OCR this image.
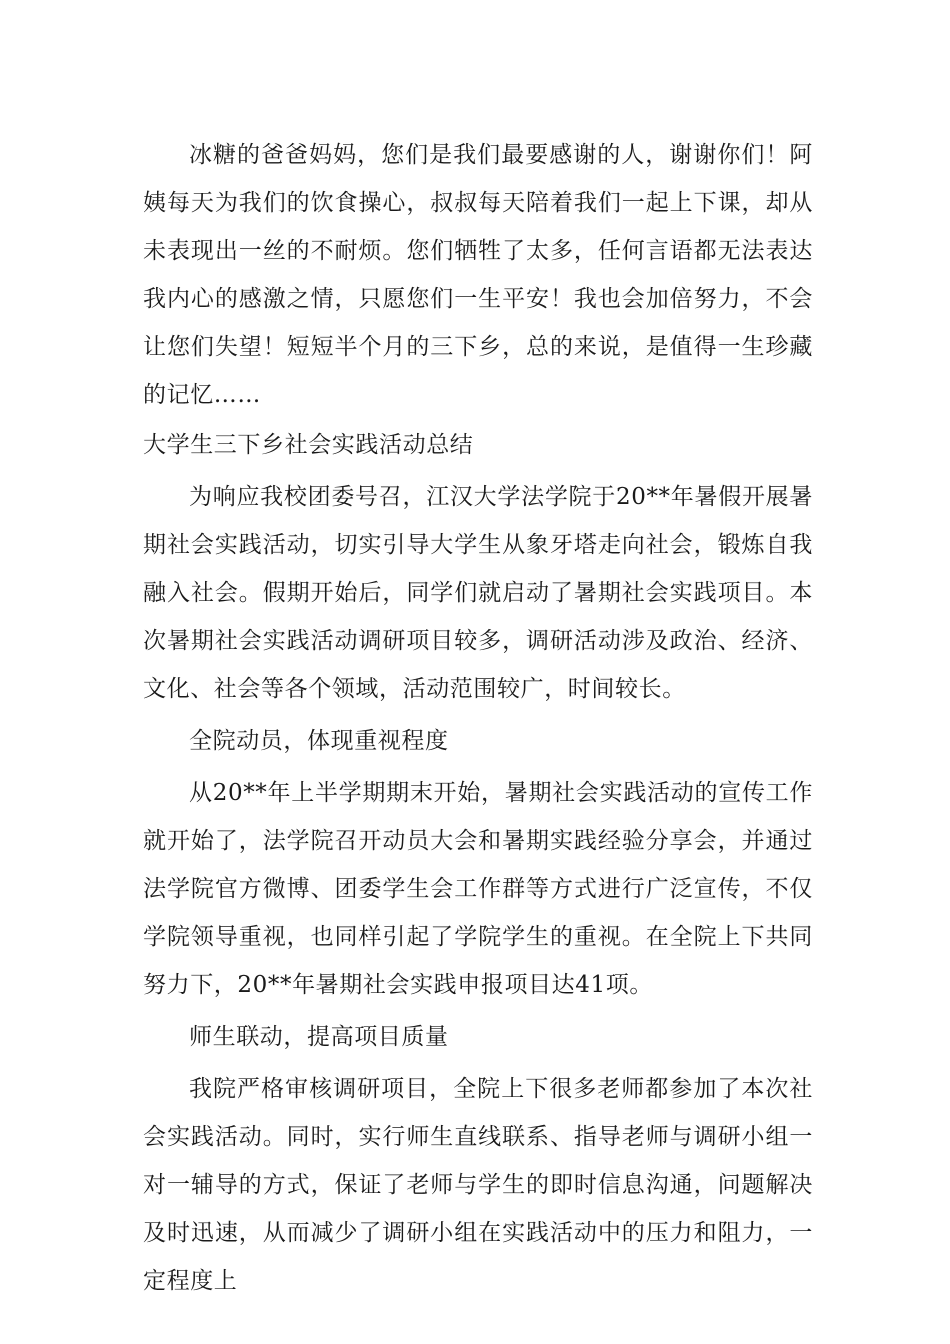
冰糖的爸爸妈妈，您们是我们最要感谢的人，谢谢你们！阿姨每天为我们的饮食操心，叔叔每天陪着我们一起上下课，却从未表现出一丝的不耐烦。您们牺牲了太多，任何言语都无法表达我内心的感激之情，只愿您们一生平安！我也会加倍努力，不会让您们失望！短短半个月的三下乡，总的来说，是值得一生珍藏的记忆……

大学生三下乡社会实践活动总结

为响应我校团委号召，江汉大学法学院于20**年暑假开展暑期社会实践活动，切实引导大学生从象牙塔走向社会，锻炼自我融入社会。假期开始后，同学们就启动了暑期社会实践项目。本次暑期社会实践活动调研项目较多，调研活动涉及政治、经济、文化、社会等各个领域，活动范围较广，时间较长。

全院动员，体现重视程度

从20**年上半学期期末开始，暑期社会实践活动的宣传工作就开始了，法学院召开动员大会和暑期实践经验分享会，并通过法学院官方微博、团委学生会工作群等方式进行广泛宣传，不仅学院领导重视，也同样引起了学院学生的重视。在全院上下共同努力下，20**年暑期社会实践申报项目达41项。

师生联动，提高项目质量

我院严格审核调研项目，全院上下很多老师都参加了本次社会实践活动。同时，实行师生直线联系、指导老师与调研小组一对一辅导的方式，保证了老师与学生的即时信息沟通，问题解决及时迅速，从而减少了调研小组在实践活动中的压力和阻力，一定程度上
